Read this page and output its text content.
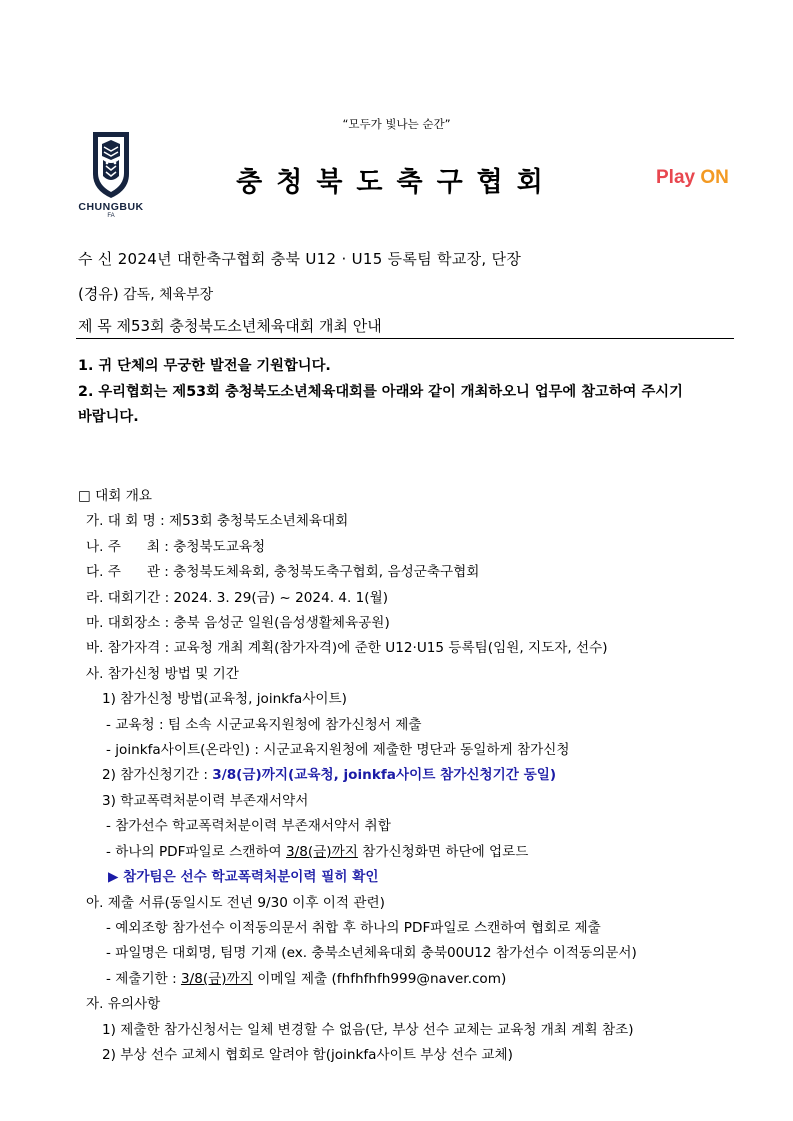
“모두가 빛나는 순간”
CHUNGBUK
FA
충청북도축구협회	Play ON
수 신 2024년 대한축구협회 충북 U12 · U15 등록팀 학교장, 단장
(경유) 감독, 체육부장
제 목 제53회 충청북도소년체육대회 개최 안내

1. 귀 단체의 무궁한 발전을 기원합니다.

2. 우리협회는 제53회 충청북도소년체육대회를 아래와 같이 개최하오니 업무에 참고하여 주시기

바랍니다.

□ 대회 개요

가. 대 회 명 : 제53회 충청북도소년체육대회

나. 주      최 : 충청북도교육청

다. 주      관 : 충청북도체육회, 충청북도축구협회, 음성군축구협회

라. 대회기간 : 2024. 3. 29(금) ~ 2024. 4. 1(월)

마. 대회장소 : 충북 음성군 일원(음성생활체육공원)

바. 참가자격 : 교육청 개최 계획(참가자격)에 준한 U12·U15 등록팀(임원, 지도자, 선수)

사. 참가신청 방법 및 기간

1) 참가신청 방법(교육청, joinkfa사이트)

- 교육청 : 팀 소속 시군교육지원청에 참가신청서 제출

- joinkfa사이트(온라인) : 시군교육지원청에 제출한 명단과 동일하게 참가신청

2) 참가신청기간 : 3/8(금)까지(교육청, joinkfa사이트 참가신청기간 동일)

3) 학교폭력처분이력 부존재서약서

- 참가선수 학교폭력처분이력 부존재서약서 취합

- 하나의 PDF파일로 스캔하여 3/8(금)까지 참가신청화면 하단에 업로드

▶ 참가팀은 선수 학교폭력처분이력 필히 확인

아. 제출 서류(동일시도 전년 9/30 이후 이적 관련)

- 예외조항 참가선수 이적동의문서 취합 후 하나의 PDF파일로 스캔하여 협회로 제출

- 파일명은 대회명, 팀명 기재 (ex. 충북소년체육대회 충북00U12 참가선수 이적동의문서)

- 제출기한 : 3/8(금)까지 이메일 제출 (fhfhfhfh999@naver.com)

자. 유의사항

1) 제출한 참가신청서는 일체 변경할 수 없음(단, 부상 선수 교체는 교육청 개최 계획 참조)

2) 부상 선수 교체시 협회로 알려야 함(joinkfa사이트 부상 선수 교체)
